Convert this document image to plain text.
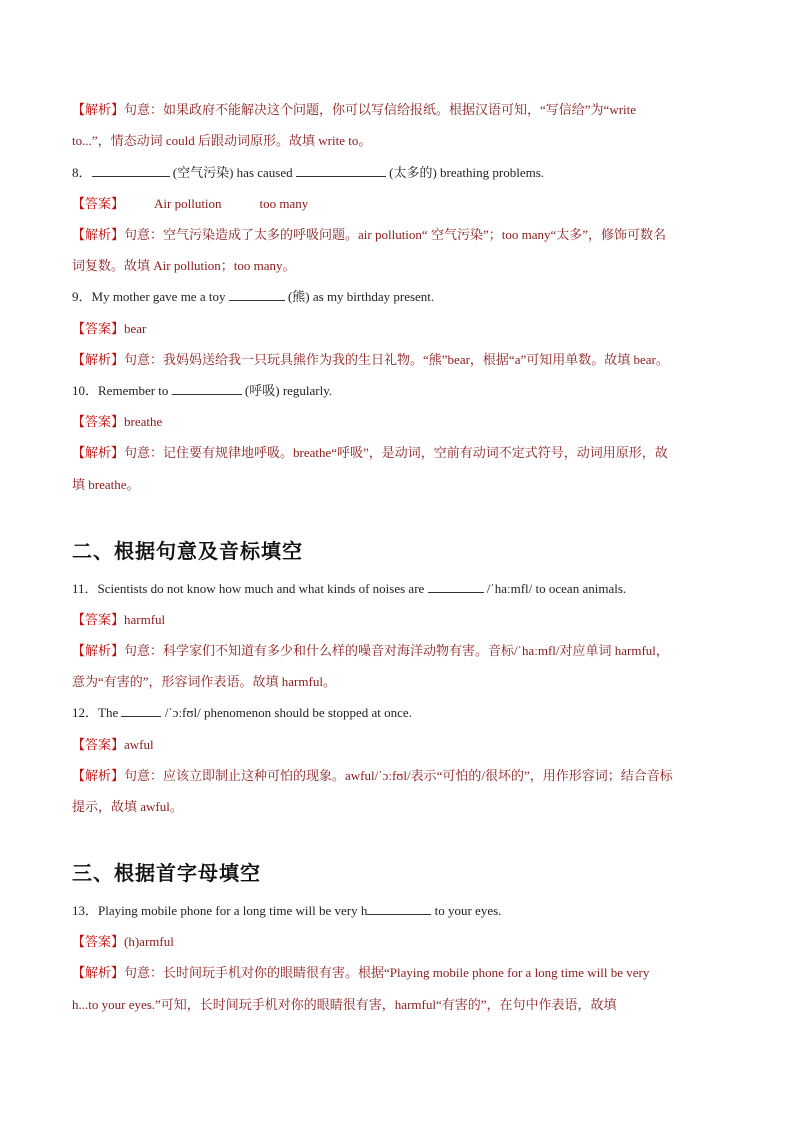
【解析】句意：如果政府不能解决这个问题，你可以写信给报纸。根据汉语可知，“写信给”为“write
to...”，情态动词 could 后跟动词原形。故填 write to。
8．	(空气污染) has caused	(太多的) breathing problems.
【答案】 Air pollution	too many
【解析】句意：空气污染造成了太多的呼吸问题。air pollution“ 空气污染”；too many“太多”，修饰可数名
词复数。故填 Air pollution；too many。
9．My mother gave me a toy	(熊) as my birthday present.
【答案】bear
【解析】句意：我妈妈送给我一只玩具熊作为我的生日礼物。“熊”bear，根据“a”可知用单数。故填 bear。
10．Remember to	(呼吸) regularly.
【答案】breathe
【解析】句意：记住要有规律地呼吸。breathe“呼吸”，是动词，空前有动词不定式符号，动词用原形，故
填 breathe。
二、根据句意及音标填空
11．Scientists do not know how much and what kinds of noises are	/ˈhaːmfl/ to ocean animals.
【答案】harmful
【解析】句意：科学家们不知道有多少和什么样的噪音对海洋动物有害。音标/ˈhaːmfl/对应单词 harmful，
意为“有害的”，形容词作表语。故填 harmful。
12．The	/ˈɔːfʊl/ phenomenon should be stopped at once.
【答案】awful
【解析】句意：应该立即制止这种可怕的现象。awful/ˈɔːfʊl/表示“可怕的/很坏的”，用作形容词；结合音标
提示，故填 awful。
三、根据首字母填空
13．Playing mobile phone for a long time will be very h	to your eyes.
【答案】(h)armful
【解析】句意：长时间玩手机对你的眼睛很有害。根据“Playing mobile phone for a long time will be very
h...to your eyes.”可知，长时间玩手机对你的眼睛很有害，harmful“有害的”，在句中作表语，故填
